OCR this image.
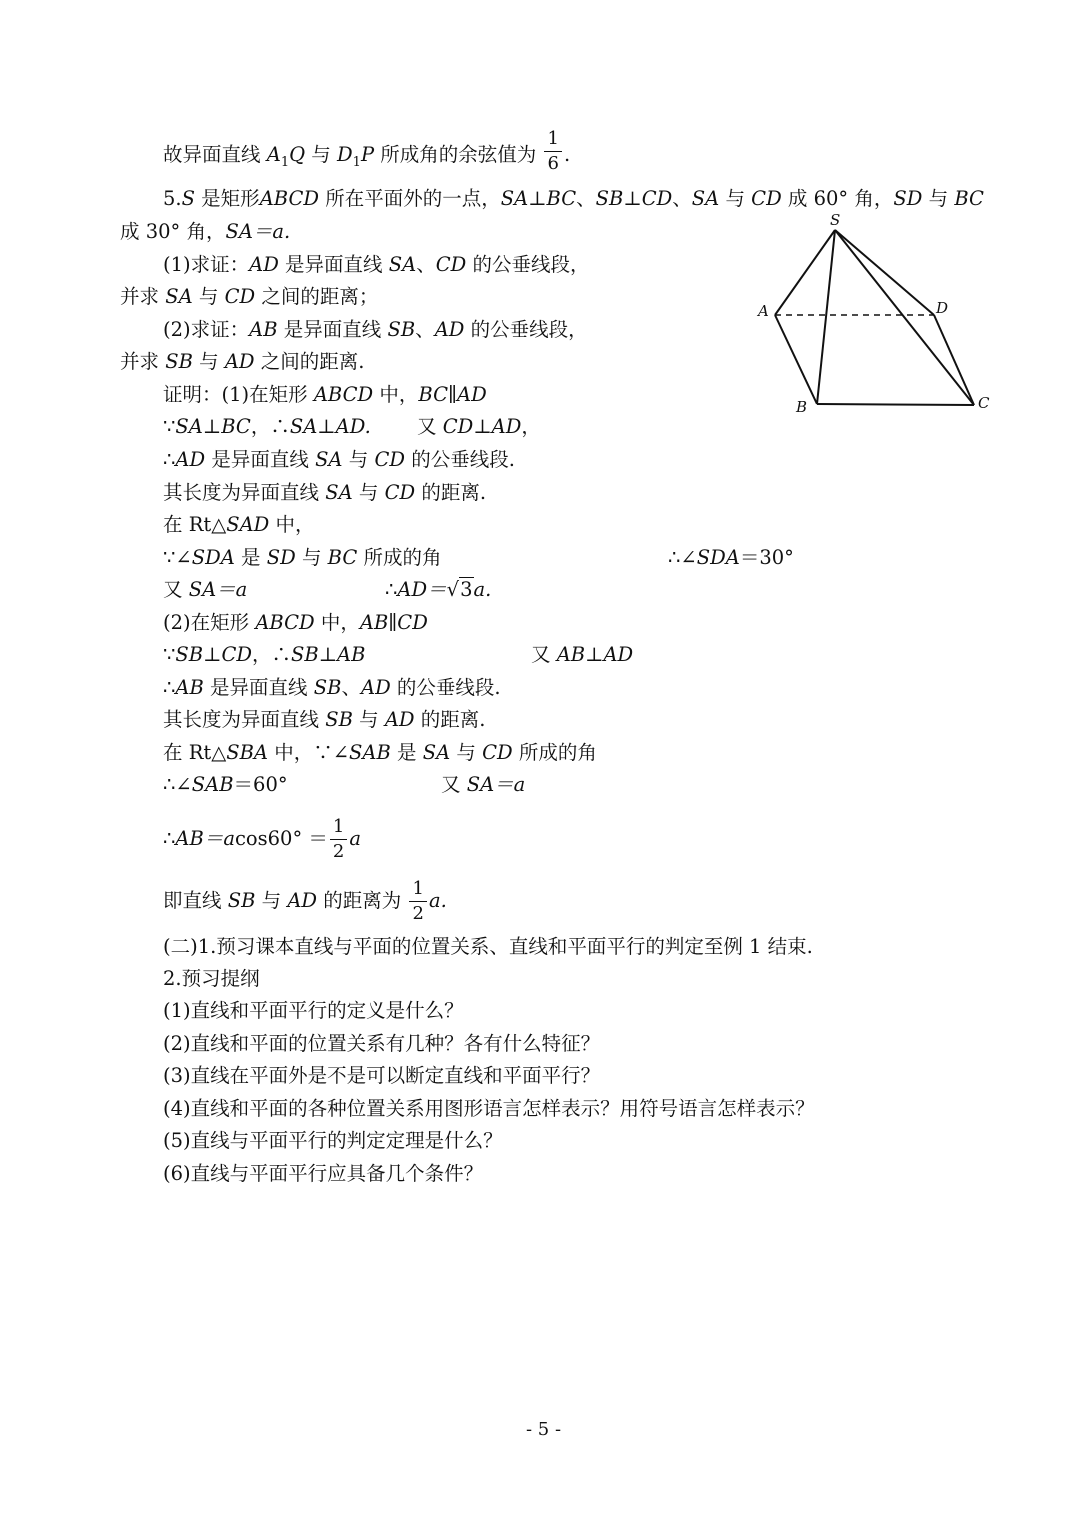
故异面直线 $A_1Q$ 与 $D_1P$ 所成角的余弦值为 $\frac{1}{6}$ .
5.S 是矩形ABCD 所在平面外的一点，SA⊥BC、SB⊥CD、SA 与 CD 成 60° 角，SD 与 BC
成 30° 角，SA＝a.
(1)求证：AD 是异面直线 SA、CD 的公垂线段，
并求 SA 与 CD 之间的距离；
(2)求证：AB 是异面直线 SB、AD 的公垂线段，
并求 SB 与 AD 之间的距离.
证明：(1)在矩形 ABCD 中，BC∥AD
∵SA⊥BC，∴SA⊥AD. 又 CD⊥AD，
∴AD 是异面直线 SA 与 CD 的公垂线段.
其长度为异面直线 SA 与 CD 的距离.
在 Rt△SAD 中，
∵∠SDA 是 SD 与 BC 所成的角	∴∠SDA＝30°
又 SA＝a	∴AD＝√3a.
(2)在矩形 ABCD 中，AB∥CD
∵SB⊥CD，∴SB⊥AB	又 AB⊥AD
∴AB 是异面直线 SB、AD 的公垂线段.
其长度为异面直线 SB 与 AD 的距离.
在 Rt△SBA 中，∵∠SAB 是 SA 与 CD 所成的角
∴∠SAB＝60°	又 SA＝a
∴AB＝acos60° ＝ $\frac{1}{2}$ a
即直线 SB 与 AD 的距离为 $\frac{1}{2} a$.
(二)1.预习课本直线与平面的位置关系、直线和平面平行的判定至例 1 结束.
2.预习提纲
(1)直线和平面平行的定义是什么？
(2)直线和平面的位置关系有几种？各有什么特征？
(3)直线在平面外是不是可以断定直线和平面平行？
(4)直线和平面的各种位置关系用图形语言怎样表示？用符号语言怎样表示？
(5)直线与平面平行的判定定理是什么？
(6)直线与平面平行应具备几个条件？
S
A	D
B	C
- 5 -
